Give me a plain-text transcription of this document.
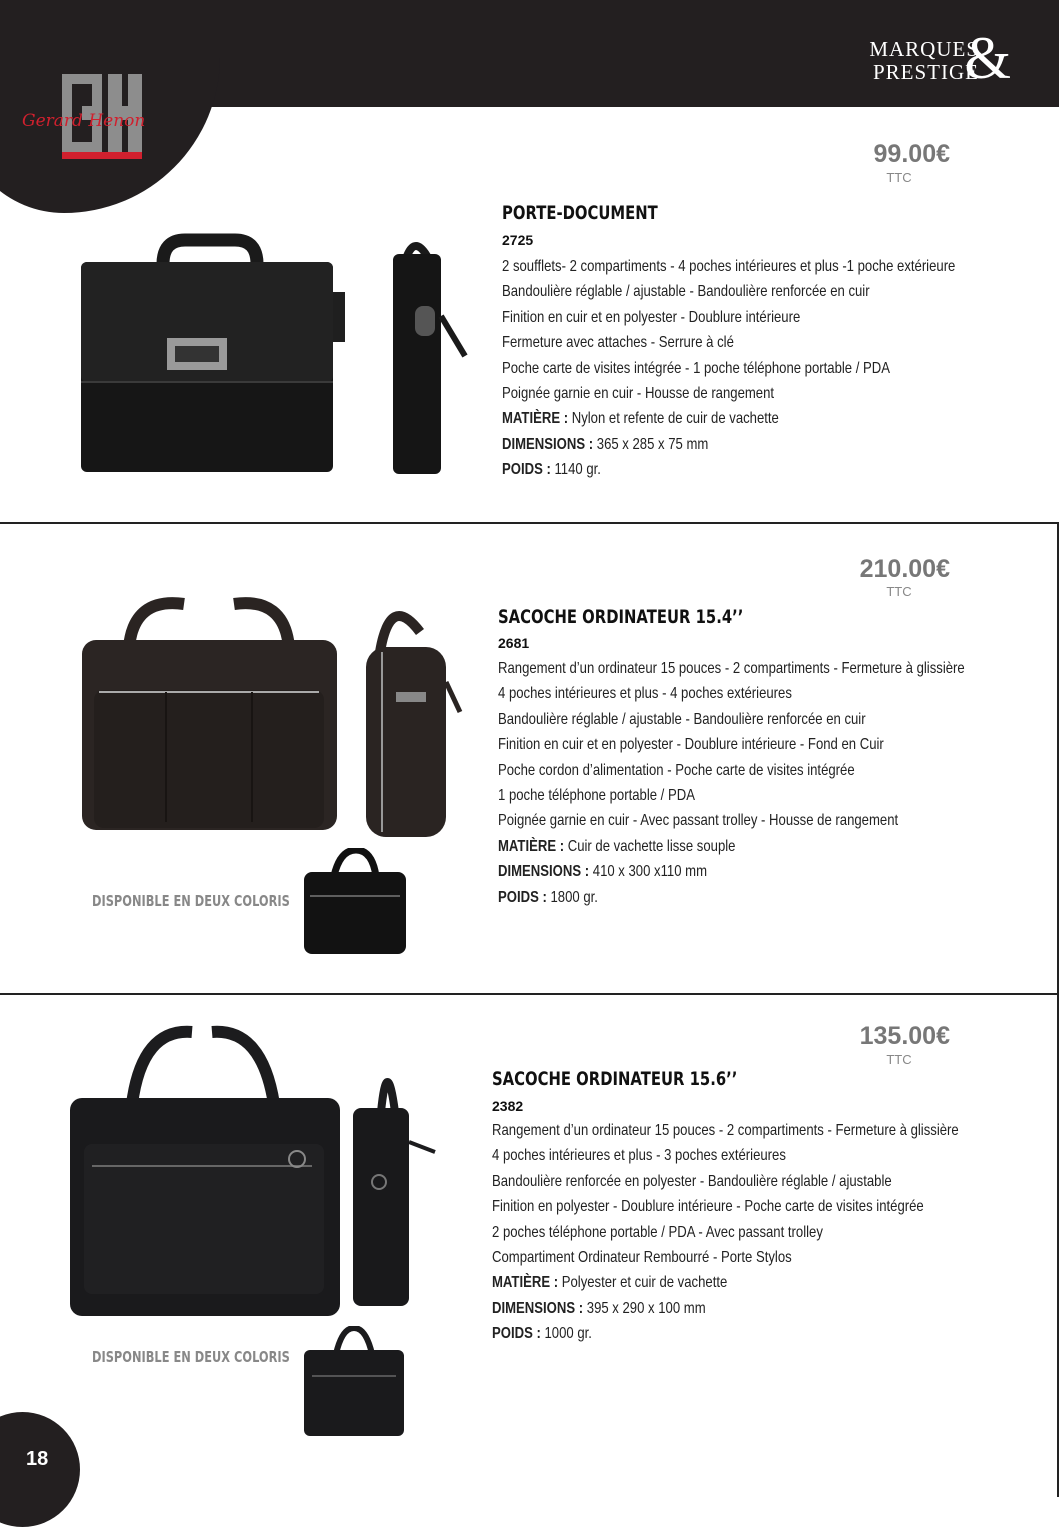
Gerard Henon
MARQUES
PRESTIGE
&
99.00€
TTC
PORTE-DOCUMENT
2725
2 soufflets- 2 compartiments - 4 poches intérieures et plus -1 poche extérieure
Bandoulière réglable / ajustable - Bandoulière renforcée en cuir
Finition en cuir et en polyester - Doublure intérieure
Fermeture avec attaches - Serrure à clé
Poche carte de visites intégrée - 1 poche téléphone portable / PDA
Poignée garnie en cuir - Housse de rangement
MATIÈRE : Nylon et refente de cuir de vachette
DIMENSIONS : 365 x 285 x 75 mm
POIDS : 1140 gr.
210.00€
TTC
SACOCHE ORDINATEUR 15.4’’
2681
Rangement d’un ordinateur 15 pouces - 2 compartiments - Fermeture à glissière
4 poches intérieures et plus - 4 poches extérieures
Bandoulière réglable / ajustable - Bandoulière renforcée en cuir
Finition en cuir et en polyester - Doublure intérieure - Fond en Cuir
Poche cordon d’alimentation - Poche carte de visites intégrée
1 poche téléphone portable / PDA
Poignée garnie en cuir - Avec passant trolley - Housse de rangement
MATIÈRE : Cuir de vachette lisse souple
DIMENSIONS : 410 x 300 x110 mm
POIDS : 1800 gr.
DISPONIBLE EN DEUX COLORIS
135.00€
TTC
SACOCHE ORDINATEUR 15.6’’
2382
Rangement d’un ordinateur 15 pouces - 2 compartiments - Fermeture à glissière
4 poches intérieures et plus - 3 poches extérieures
Bandoulière renforcée en polyester - Bandoulière réglable / ajustable
Finition en polyester - Doublure intérieure - Poche carte de visites intégrée
2 poches téléphone portable / PDA - Avec passant trolley
Compartiment Ordinateur Rembourré - Porte Stylos
MATIÈRE : Polyester et cuir de vachette
DIMENSIONS : 395 x 290 x 100 mm
POIDS : 1000 gr.
DISPONIBLE EN DEUX COLORIS
18
